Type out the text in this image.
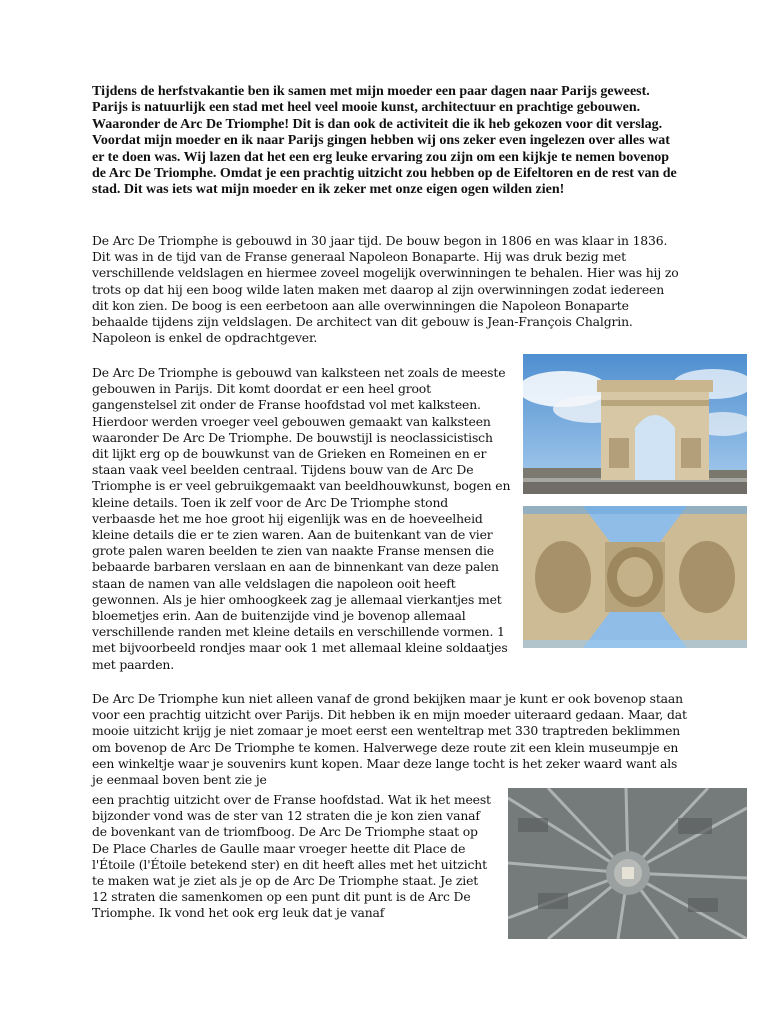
Tijdens de herfstvakantie ben ik samen met mijn moeder een paar dagen naar Parijs geweest. Parijs is natuurlijk een stad met heel veel mooie kunst, architectuur en prachtige gebouwen. Waaronder de Arc De Triomphe! Dit is dan ook de activiteit die ik heb gekozen voor dit verslag. Voordat mijn moeder en ik naar Parijs gingen hebben wij ons zeker even ingelezen over alles wat er te doen was. Wij lazen dat het een erg leuke ervaring zou zijn om een kijkje te nemen bovenop de Arc De Triomphe. Omdat je een prachtig uitzicht zou hebben op de Eifeltoren en de rest van de stad. Dit was iets wat mijn moeder en ik zeker met onze eigen ogen wilden zien!

De Arc De Triomphe is gebouwd in 30 jaar tijd. De bouw begon in 1806 en was klaar in 1836. Dit was in de tijd van de Franse generaal Napoleon Bonaparte. Hij was druk bezig met verschillende veldslagen en hiermee zoveel mogelijk overwinningen te behalen. Hier was hij zo trots op dat hij een boog wilde laten maken met daarop al zijn overwinningen zodat iedereen dit kon zien. De boog is een eerbetoon aan alle overwinningen die Napoleon Bonaparte behaalde tijdens zijn veldslagen. De architect van dit gebouw is Jean-François Chalgrin. Napoleon is enkel de opdrachtgever.

De Arc De Triomphe is gebouwd van kalksteen net zoals de meeste gebouwen in Parijs. Dit komt doordat er een heel groot gangenstelsel zit onder de Franse hoofdstad vol met kalksteen. Hierdoor werden vroeger veel gebouwen gemaakt van kalksteen waaronder De Arc De Triomphe. De bouwstijl is neoclassicistisch dit lijkt erg op de bouwkunst van de Grieken en Romeinen en er staan vaak veel beelden centraal. Tijdens bouw van de Arc De Triomphe is er veel gebruikgemaakt van beeldhouwkunst, bogen en kleine details. Toen ik zelf voor de Arc De Triomphe stond verbaasde het me hoe groot hij eigenlijk was en de hoeveelheid kleine details die er te zien waren. Aan de buitenkant van de vier grote palen waren beelden te zien van naakte Franse mensen die bebaarde barbaren verslaan en aan de binnenkant van deze palen staan de namen van alle veldslagen die napoleon ooit heeft gewonnen. Als je hier omhoogkeek zag je allemaal vierkantjes met bloemetjes erin. Aan de buitenzijde vind je bovenop allemaal verschillende randen met kleine details en verschillende vormen. 1 met bijvoorbeeld rondjes maar ook 1 met allemaal kleine soldaatjes met paarden.

De Arc De Triomphe kun niet alleen vanaf de grond bekijken maar je kunt er ook bovenop staan voor een prachtig uitzicht over Parijs. Dit hebben ik en mijn moeder uiteraard gedaan. Maar, dat mooie uitzicht krijg je niet zomaar je moet eerst een wenteltrap met 330 traptreden beklimmen om bovenop de Arc De Triomphe te komen. Halverwege deze route zit een klein museumpje en een winkeltje waar je souvenirs kunt kopen. Maar deze lange tocht is het zeker waard want als je eenmaal boven bent zie je

een prachtig uitzicht over de Franse hoofdstad. Wat ik het meest bijzonder vond was de ster van 12 straten die je kon zien vanaf de bovenkant van de triomfboog. De Arc De Triomphe staat op De Place Charles de Gaulle maar vroeger heette dit Place de l'Étoile (l'Étoile betekend ster) en dit heeft alles met het uitzicht te maken wat je ziet als je op de Arc De Triomphe staat. Je ziet 12 straten die samenkomen op een punt dit punt is de Arc De Triomphe. Ik vond het ook erg leuk dat je vanaf
